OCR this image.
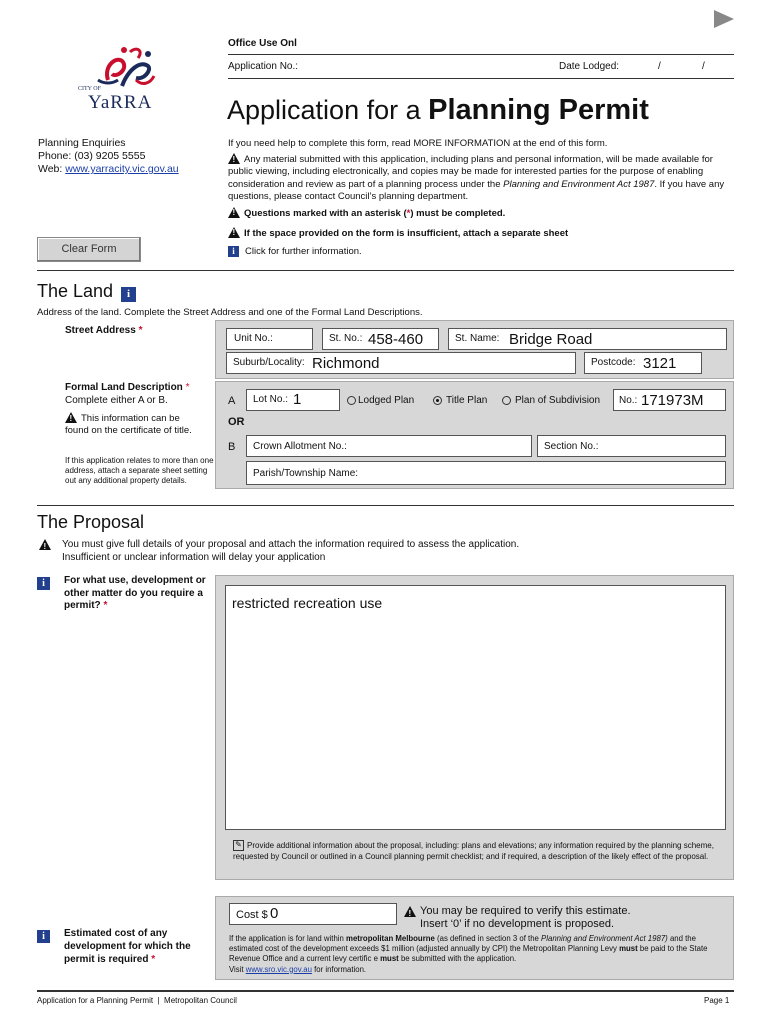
Office Use Onl
Application No.:	Date Lodged:	/	/
CITY OF
YaRRA
Planning Enquiries
Phone: (03) 9205 5555
Web: www.yarracity.vic.gov.au
Application for a Planning Permit
If you need help to complete this form, read MORE INFORMATION at the end of this form.
!Any material submitted with this application, including plans and personal information, will be made available for public viewing, including electronically, and copies may be made for interested parties for the purpose of enabling consideration and review as part of a planning process under the Planning and Environment Act 1987. If you have any questions, please contact Council’s planning department.
!Questions marked with an asterisk (*) must be completed.
!If the space provided on the form is insufficient, attach a separate sheet
i Click for further information.
Clear Form
The Land i
Address of the land. Complete the Street Address and one of the Formal Land Descriptions.
Street Address *
Unit No.:	St. No.: 458-460	St. Name: Bridge Road
Suburb/Locality: Richmond	Postcode: 3121
Formal Land Description *
Complete either A or B.
!This information can be found on the certificate of title.
If this application relates to more than one address, attach a separate sheet setting out any additional property details.
A Lot No.: 1	Lodged Plan	Title Plan	Plan of Subdivision No.: 171973M
OR
B Crown Allotment No.:	Section No.:
Parish/Township Name:
The Proposal
!
You must give full details of your proposal and attach the information required to assess the application.
Insufficient or unclear information will delay your application
i	For what use, development or other matter do you require a permit? *	restricted recreation use
✎ Provide additional information about the proposal, including: plans and elevations; any information required by the planning scheme, requested by Council or outlined in a Council planning permit checklist; and if required, a description of the likely effect of the proposal.
i	Estimated cost of any development for which the permit is required *
Cost $ 0
!	You may be required to verify this estimate.
Insert ‘0’ if no development is proposed.
If the application is for land within metropolitan Melbourne (as defined in section 3 of the Planning and Environment Act 1987) and the estimated cost of the development exceeds $1 million (adjusted annually by CPI) the Metropolitan Planning Levy must be paid to the State Revenue Office and a current levy certific e must be submitted with the application.
Visit www.sro.vic.gov.au for information.
Application for a Planning Permit  |  Metropolitan Council	Page 1
